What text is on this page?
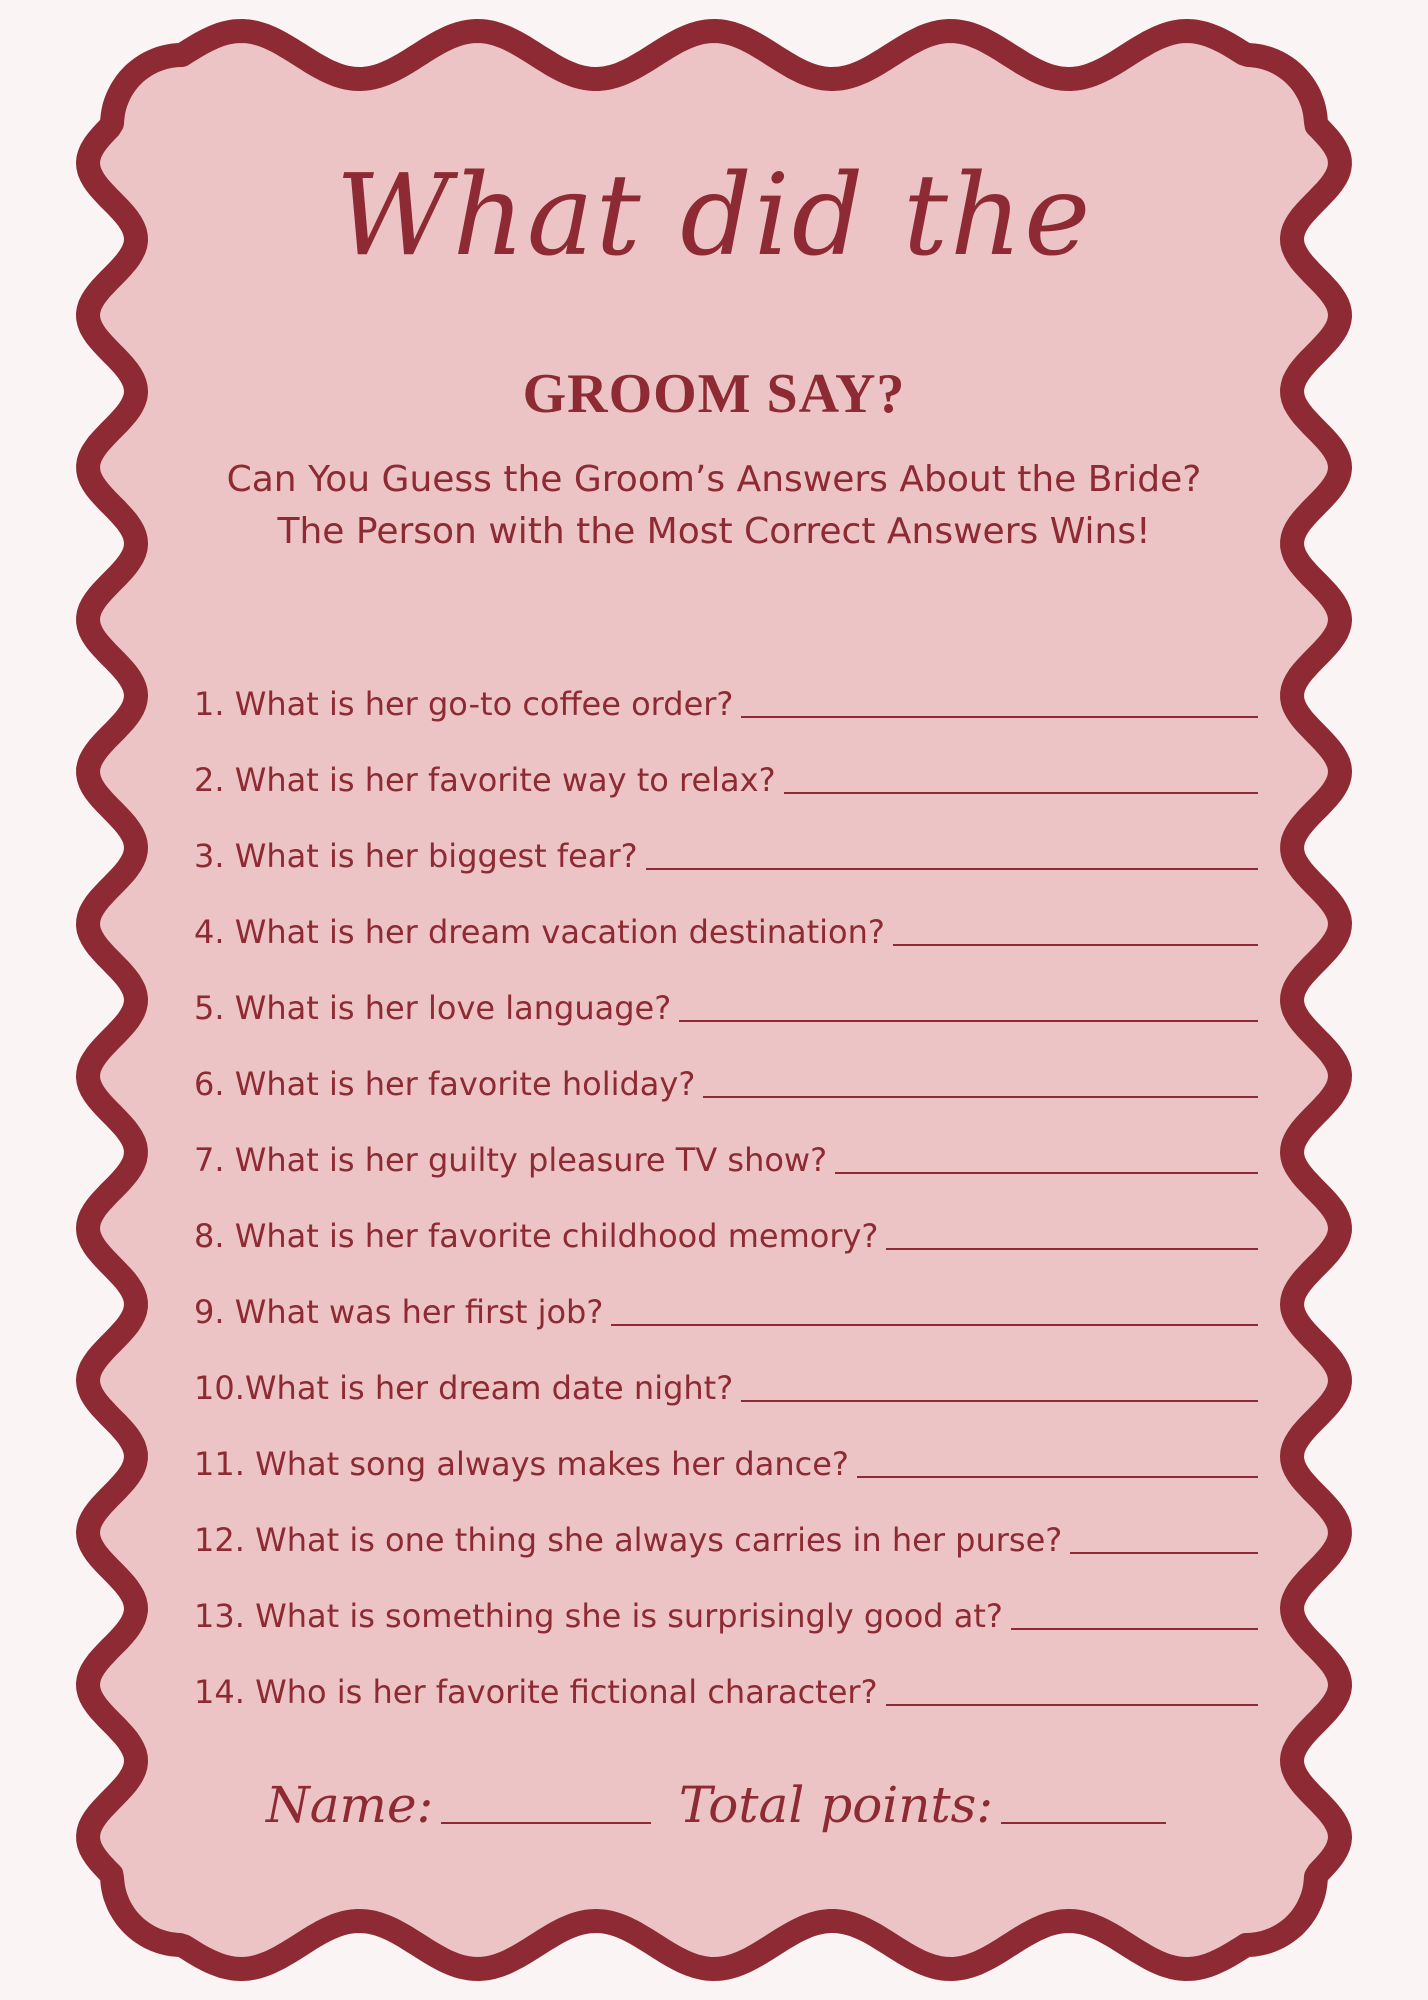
What did the
GROOM SAY?
Can You Guess the Groom’s Answers About the Bride?
The Person with the Most Correct Answers Wins!
1. What is her go-to coffee order?
2. What is her favorite way to relax?
3. What is her biggest fear?
4. What is her dream vacation destination?
5. What is her love language?
6. What is her favorite holiday?
7. What is her guilty pleasure TV show?
8. What is her favorite childhood memory?
9. What was her first job?
10.What is her dream date night?
11. What song always makes her dance?
12. What is one thing she always carries in her purse?
13. What is something she is surprisingly good at?
14. Who is her favorite fictional character?
Name:	Total points:
